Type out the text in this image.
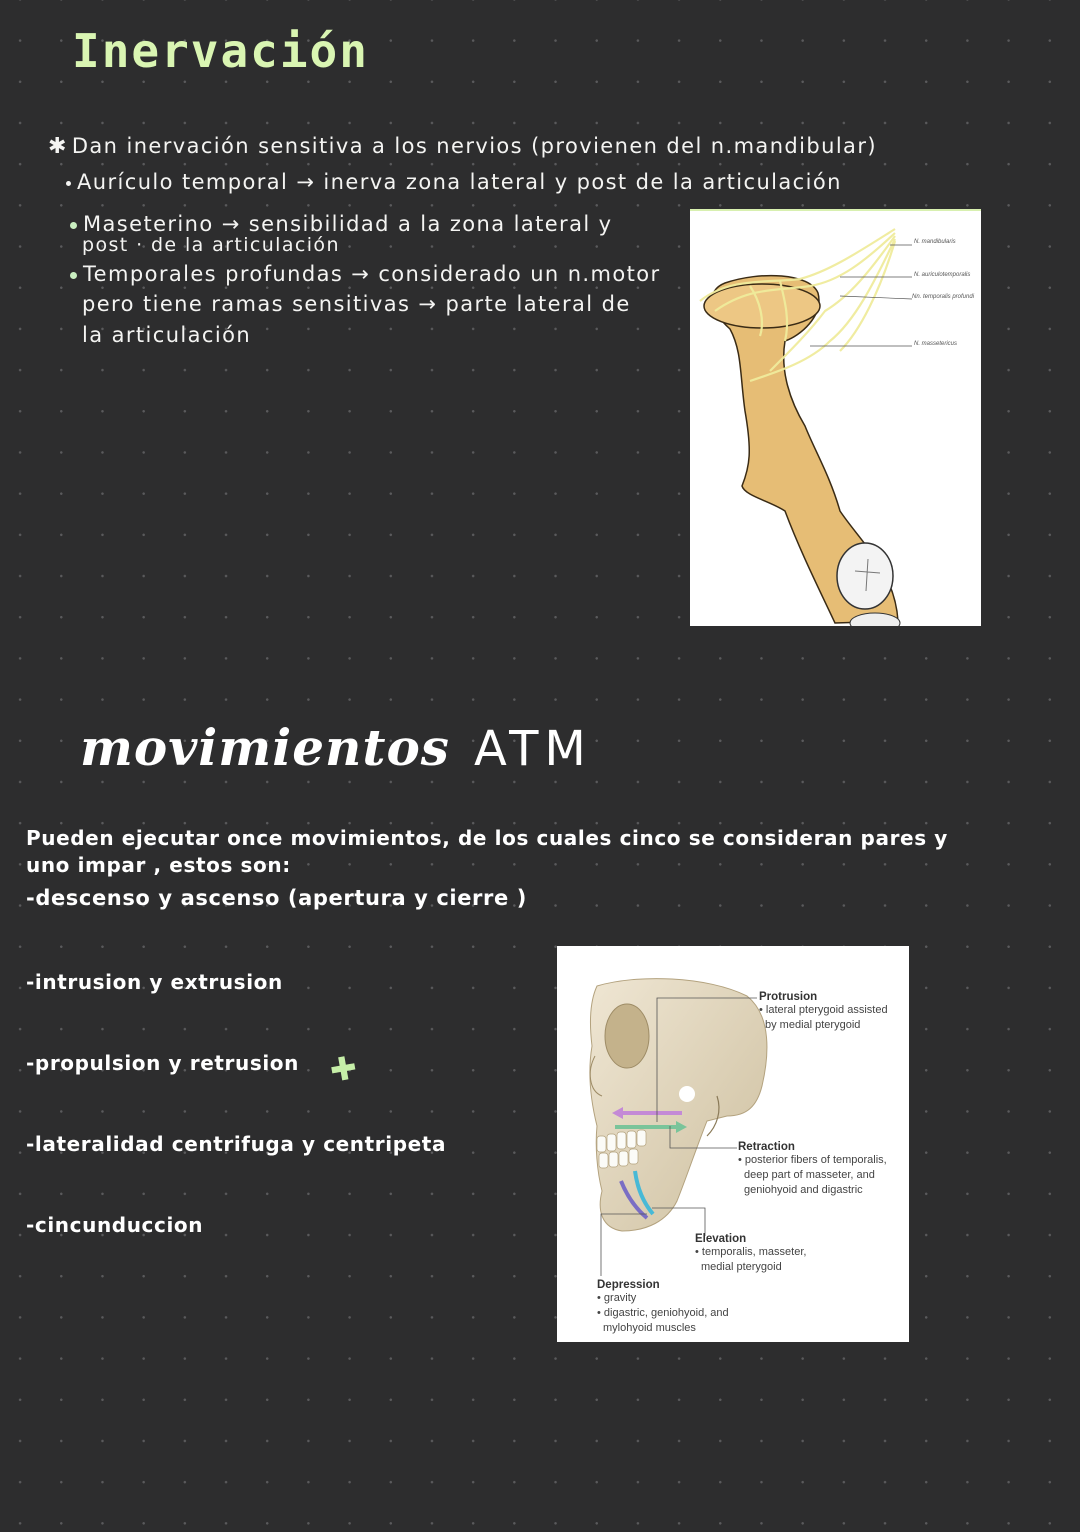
Inervación
✱ Dan inervación sensitiva a los nervios (provienen del n.mandibular)
Aurículo temporal → inerva zona lateral y post de la articulación
Maseterino → sensibilidad a la zona lateral y
post · de la articulación
Temporales profundas → considerado un n.motor
pero tiene ramas sensitivas → parte lateral de
la articulación
N. mandibularis
N. auriculotemporalis
Nn. temporalis profundi
N. massetericus
movimientos ATM
Pueden ejecutar once movimientos, de los cuales cinco se consideran pares y
uno impar , estos son:
-descenso y ascenso (apertura y cierre )
-intrusion y extrusion
-propulsion y retrusion ✚
-lateralidad centrifuga y centripeta
-cincunduccion
Protrusion
• lateral pterygoid assisted
by medial pterygoid
Retraction
• posterior fibers of temporalis,
deep part of masseter, and
geniohyoid and digastric
Elevation
• temporalis, masseter,
medial pterygoid
Depression
• gravity
• digastric, geniohyoid, and
mylohyoid muscles
